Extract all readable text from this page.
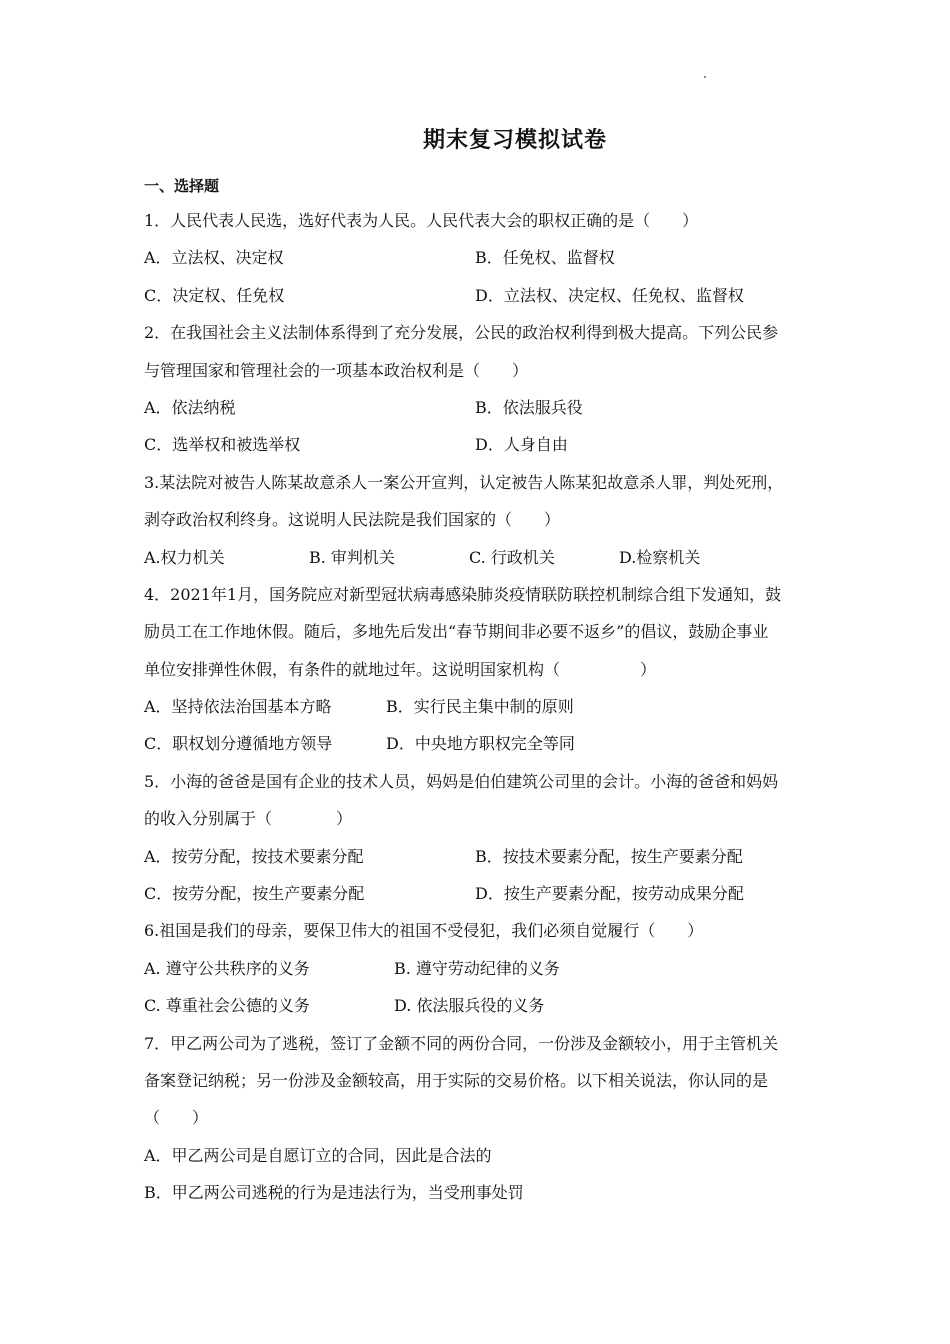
期末复习模拟试卷
一、选择题
1．人民代表人民选，选好代表为人民。人民代表大会的职权正确的是（　　）
A．立法权、决定权	B．任免权、监督权
C．决定权、任免权	D．立法权、决定权、任免权、监督权
2．在我国社会主义法制体系得到了充分发展，公民的政治权利得到极大提高。下列公民参
与管理国家和管理社会的一项基本政治权利是（　　）
A．依法纳税	B．依法服兵役
C．选举权和被选举权	D．人身自由
3.某法院对被告人陈某故意杀人一案公开宣判，认定被告人陈某犯故意杀人罪，判处死刑，
剥夺政治权利终身。这说明人民法院是我们国家的（　　）
A.权力机关	B. 审判机关	C. 行政机关	D.检察机关
4．2021年1月，国务院应对新型冠状病毒感染肺炎疫情联防联控机制综合组下发通知，鼓
励员工在工作地休假。随后，多地先后发出“春节期间非必要不返乡”的倡议，鼓励企事业
单位安排弹性休假，有条件的就地过年。这说明国家机构（　　　　　）
A．坚持依法治国基本方略	B．实行民主集中制的原则
C．职权划分遵循地方领导	D．中央地方职权完全等同
5．小海的爸爸是国有企业的技术人员，妈妈是伯伯建筑公司里的会计。小海的爸爸和妈妈
的收入分别属于（　　　　）
A．按劳分配，按技术要素分配	B．按技术要素分配，按生产要素分配
C．按劳分配，按生产要素分配	D．按生产要素分配，按劳动成果分配
6.祖国是我们的母亲，要保卫伟大的祖国不受侵犯，我们必须自觉履行（　　）
A. 遵守公共秩序的义务	B. 遵守劳动纪律的义务
C. 尊重社会公德的义务	D. 依法服兵役的义务
7．甲乙两公司为了逃税，签订了金额不同的两份合同，一份涉及金额较小，用于主管机关
备案登记纳税；另一份涉及金额较高，用于实际的交易价格。以下相关说法，你认同的是
（　　）
A．甲乙两公司是自愿订立的合同，因此是合法的
B．甲乙两公司逃税的行为是违法行为，当受刑事处罚
